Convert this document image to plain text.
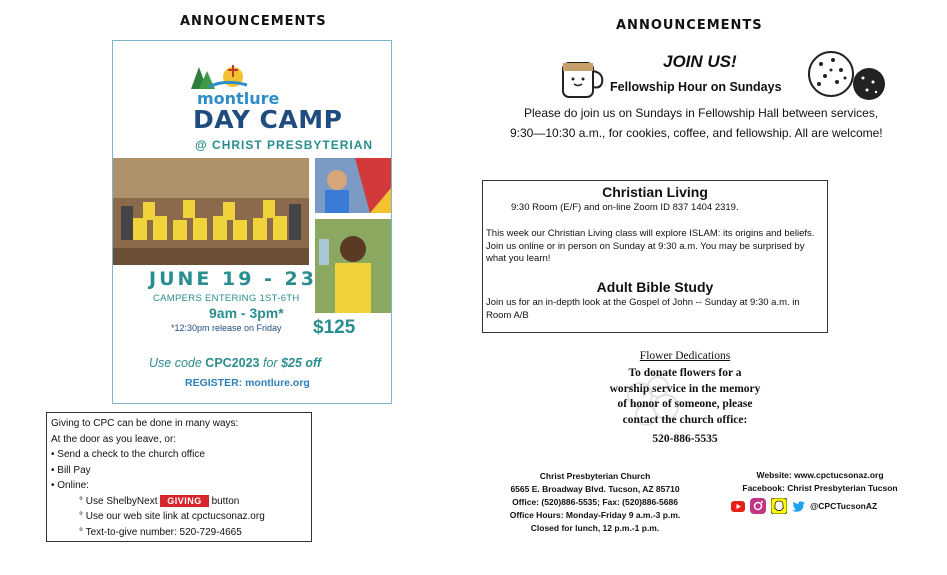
ANNOUNCEMENTS
montlure
DAY CAMP
@ CHRIST PRESBYTERIAN
JUNE 19 - 23
CAMPERS ENTERING 1ST-6TH
9am - 3pm*
*12:30pm release on Friday $125
Use code CPC2023 for $25 off
REGISTER: montlure.org
Giving to CPC can be done in many ways:
At the door as you leave, or:
• Send a check to the church office
• Bill Pay
• Online:
° Use ShelbyNext GIVING button
° Use our web site link at cpctucsonaz.org
° Text-to-give number: 520-729-4665
ANNOUNCEMENTS
JOIN US!
Fellowship Hour on Sundays
Please do join us on Sundays in Fellowship Hall between services,
9:30—10:30 a.m., for cookies, coffee, and fellowship. All are welcome!
Christian Living
9:30 Room (E/F) and on-line Zoom ID 837 1404 2319.
This week our Christian Living class will explore ISLAM: its origins and beliefs. Join us online or in person on Sunday at 9:30 a.m. You may be surprised by what you learn!
Adult Bible Study
Join us for an in-depth look at the Gospel of John -- Sunday at 9:30 a.m. in Room A/B
Flower Dedications
To donate flowers for a
worship service in the memory
of honor of someone, please
contact the church office:
520-886-5535
Christ Presbyterian Church
6565 E. Broadway Blvd. Tucson, AZ 85710
Office: (520)886-5535; Fax: (520)886-5686
Office Hours: Monday-Friday 9 a.m.-3 p.m.
Closed for lunch, 12 p.m.-1 p.m.
Website: www.cpctucsonaz.org
Facebook: Christ Presbyterian Tucson
@CPCTucsonAZ
